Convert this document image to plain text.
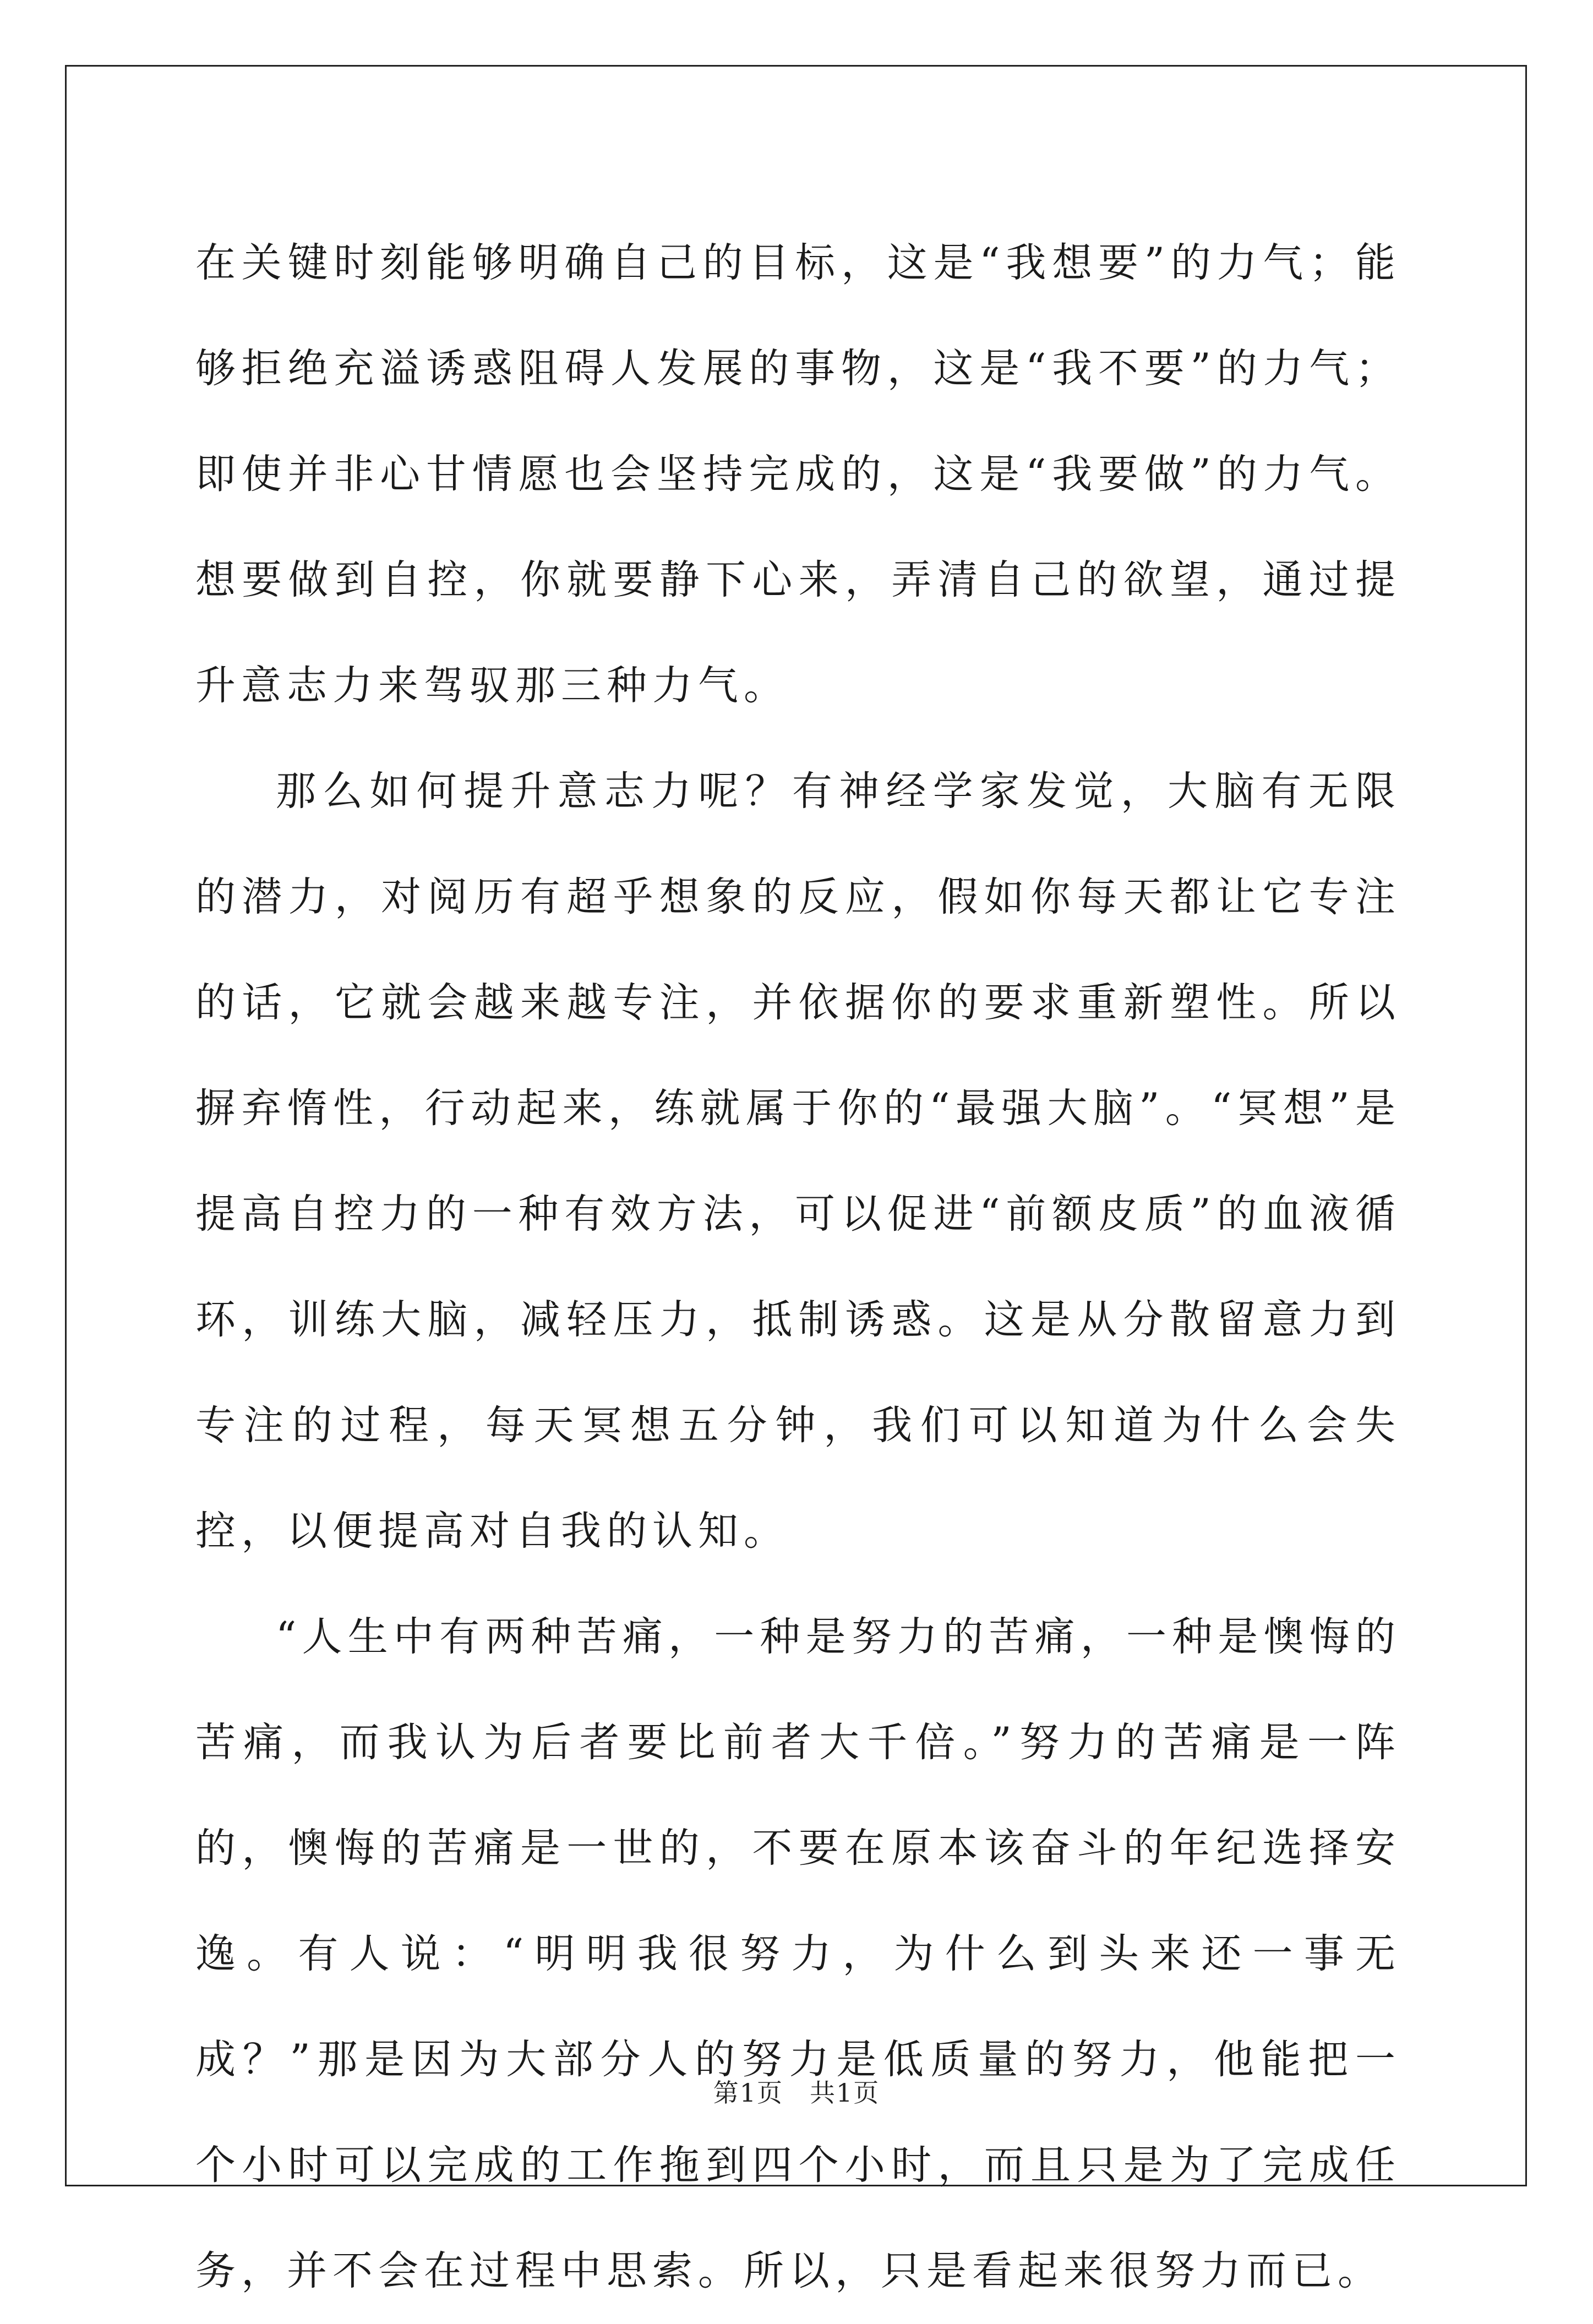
在关键时刻能够明确自己的目标，这是“我想要”的力气；能够拒绝充溢诱惑阻碍人发展的事物，这是“我不要”的力气；即使并非心甘情愿也会坚持完成的，这是“我要做”的力气。想要做到自控，你就要静下心来，弄清自己的欲望，通过提升意志力来驾驭那三种力气。

那么如何提升意志力呢？有神经学家发觉，大脑有无限的潜力，对阅历有超乎想象的反应，假如你每天都让它专注的话，它就会越来越专注，并依据你的要求重新塑性。所以摒弃惰性，行动起来，练就属于你的“最强大脑”。“冥想”是提高自控力的一种有效方法，可以促进“前额皮质”的血液循环，训练大脑，减轻压力，抵制诱惑。这是从分散留意力到专注的过程，每天冥想五分钟，我们可以知道为什么会失控，以便提高对自我的认知。

“人生中有两种苦痛，一种是努力的苦痛，一种是懊悔的苦痛，而我认为后者要比前者大千倍。”努力的苦痛是一阵的，懊悔的苦痛是一世的，不要在原本该奋斗的年纪选择安逸。有人说：“明明我很努力，为什么到头来还一事无成？”那是因为大部分人的努力是低质量的努力，他能把一个小时可以完成的工作拖到四个小时，而且只是为了完成任务，并不会在过程中思索。所以，只是看起来很努力而已。

第1页 共1页
